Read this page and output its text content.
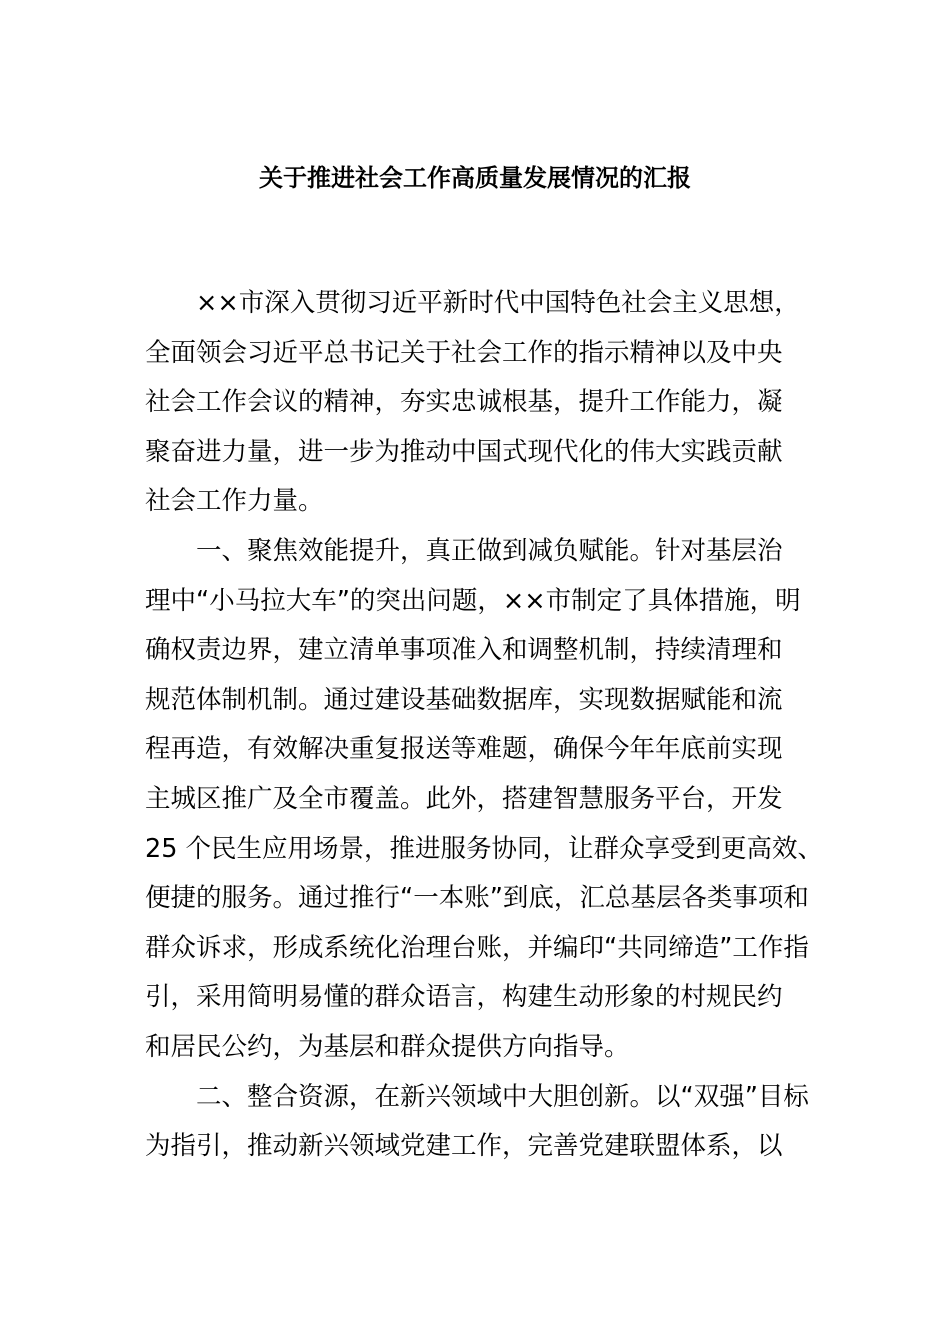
关于推进社会工作高质量发展情况的汇报
××市深入贯彻习近平新时代中国特色社会主义思想，
全面领会习近平总书记关于社会工作的指示精神以及中央
社会工作会议的精神，夯实忠诚根基，提升工作能力，凝
聚奋进力量，进一步为推动中国式现代化的伟大实践贡献
社会工作力量。
一、聚焦效能提升，真正做到减负赋能。针对基层治
理中“小马拉大车”的突出问题，××市制定了具体措施，明
确权责边界，建立清单事项准入和调整机制，持续清理和
规范体制机制。通过建设基础数据库，实现数据赋能和流
程再造，有效解决重复报送等难题，确保今年年底前实现
主城区推广及全市覆盖。此外，搭建智慧服务平台，开发
25 个民生应用场景，推进服务协同，让群众享受到更高效、
便捷的服务。通过推行“一本账”到底，汇总基层各类事项和
群众诉求，形成系统化治理台账，并编印“共同缔造”工作指
引，采用简明易懂的群众语言，构建生动形象的村规民约
和居民公约，为基层和群众提供方向指导。
二、整合资源，在新兴领域中大胆创新。以“双强”目标
为指引，推动新兴领域党建工作，完善党建联盟体系，以
